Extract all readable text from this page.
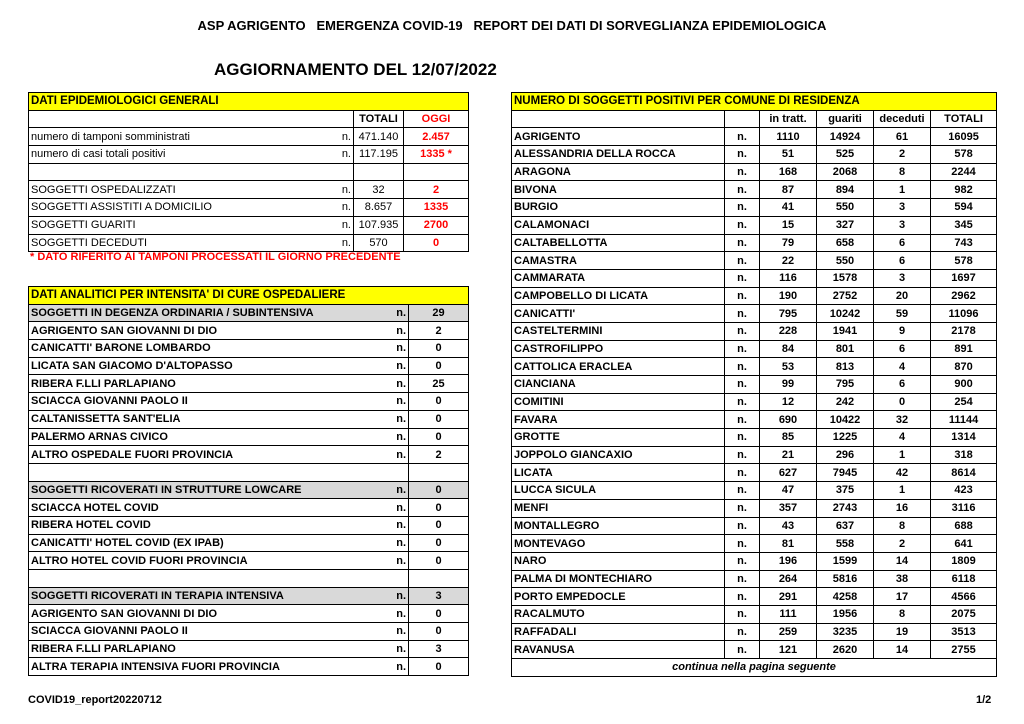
ASP AGRIGENTO   EMERGENZA COVID-19   REPORT DEI DATI DI SORVEGLIANZA EPIDEMIOLOGICA
AGGIORNAMENTO DEL 12/07/2022
DATI EPIDEMIOLOGICI GENERALI			
		TOTALI	OGGI
numero di tamponi somministrati	n.	471.140	2.457
numero di casi totali positivi	n.	117.195	1335 *

SOGGETTI OSPEDALIZZATI	n.	32	2
SOGGETTI ASSISTITI A DOMICILIO	n.	8.657	1335
SOGGETTI GUARITI	n.	107.935	2700
SOGGETTI DECEDUTI	n.	570	0
* DATO RIFERITO AI TAMPONI PROCESSATI IL GIORNO PRECEDENTE
DATI ANALITICI PER INTENSITA' DI CURE OSPEDALIERE		
SOGGETTI IN DEGENZA ORDINARIA / SUBINTENSIVA	n.	29
AGRIGENTO SAN GIOVANNI DI DIO	n.	2
CANICATTI' BARONE LOMBARDO	n.	0
LICATA SAN GIACOMO D'ALTOPASSO	n.	0
RIBERA F.LLI PARLAPIANO	n.	25
SCIACCA GIOVANNI PAOLO II	n.	0
CALTANISSETTA SANT'ELIA	n.	0
PALERMO ARNAS CIVICO	n.	0
ALTRO OSPEDALE FUORI PROVINCIA	n.	2

SOGGETTI RICOVERATI IN STRUTTURE LOWCARE	n.	0
SCIACCA HOTEL COVID	n.	0
RIBERA HOTEL COVID	n.	0
CANICATTI' HOTEL COVID (EX IPAB)	n.	0
ALTRO HOTEL COVID FUORI PROVINCIA	n.	0

SOGGETTI RICOVERATI IN TERAPIA INTENSIVA	n.	3
AGRIGENTO SAN GIOVANNI DI DIO	n.	0
SCIACCA GIOVANNI PAOLO II	n.	0
RIBERA F.LLI PARLAPIANO	n.	3
ALTRA TERAPIA INTENSIVA FUORI PROVINCIA	n.	0
NUMERO DI SOGGETTI POSITIVI PER COMUNE DI RESIDENZA					
		in tratt.	guariti	deceduti	TOTALI
AGRIGENTO	n.	1110	14924	61	16095
ALESSANDRIA DELLA ROCCA	n.	51	525	2	578
ARAGONA	n.	168	2068	8	2244
BIVONA	n.	87	894	1	982
BURGIO	n.	41	550	3	594
CALAMONACI	n.	15	327	3	345
CALTABELLOTTA	n.	79	658	6	743
CAMASTRA	n.	22	550	6	578
CAMMARATA	n.	116	1578	3	1697
CAMPOBELLO DI LICATA	n.	190	2752	20	2962
CANICATTI'	n.	795	10242	59	11096
CASTELTERMINI	n.	228	1941	9	2178
CASTROFILIPPO	n.	84	801	6	891
CATTOLICA ERACLEA	n.	53	813	4	870
CIANCIANA	n.	99	795	6	900
COMITINI	n.	12	242	0	254
FAVARA	n.	690	10422	32	11144
GROTTE	n.	85	1225	4	1314
JOPPOLO GIANCAXIO	n.	21	296	1	318
LICATA	n.	627	7945	42	8614
LUCCA SICULA	n.	47	375	1	423
MENFI	n.	357	2743	16	3116
MONTALLEGRO	n.	43	637	8	688
MONTEVAGO	n.	81	558	2	641
NARO	n.	196	1599	14	1809
PALMA DI MONTECHIARO	n.	264	5816	38	6118
PORTO EMPEDOCLE	n.	291	4258	17	4566
RACALMUTO	n.	111	1956	8	2075
RAFFADALI	n.	259	3235	19	3513
RAVANUSA	n.	121	2620	14	2755
continua nella pagina seguente					
COVID19_report20220712	1/2
